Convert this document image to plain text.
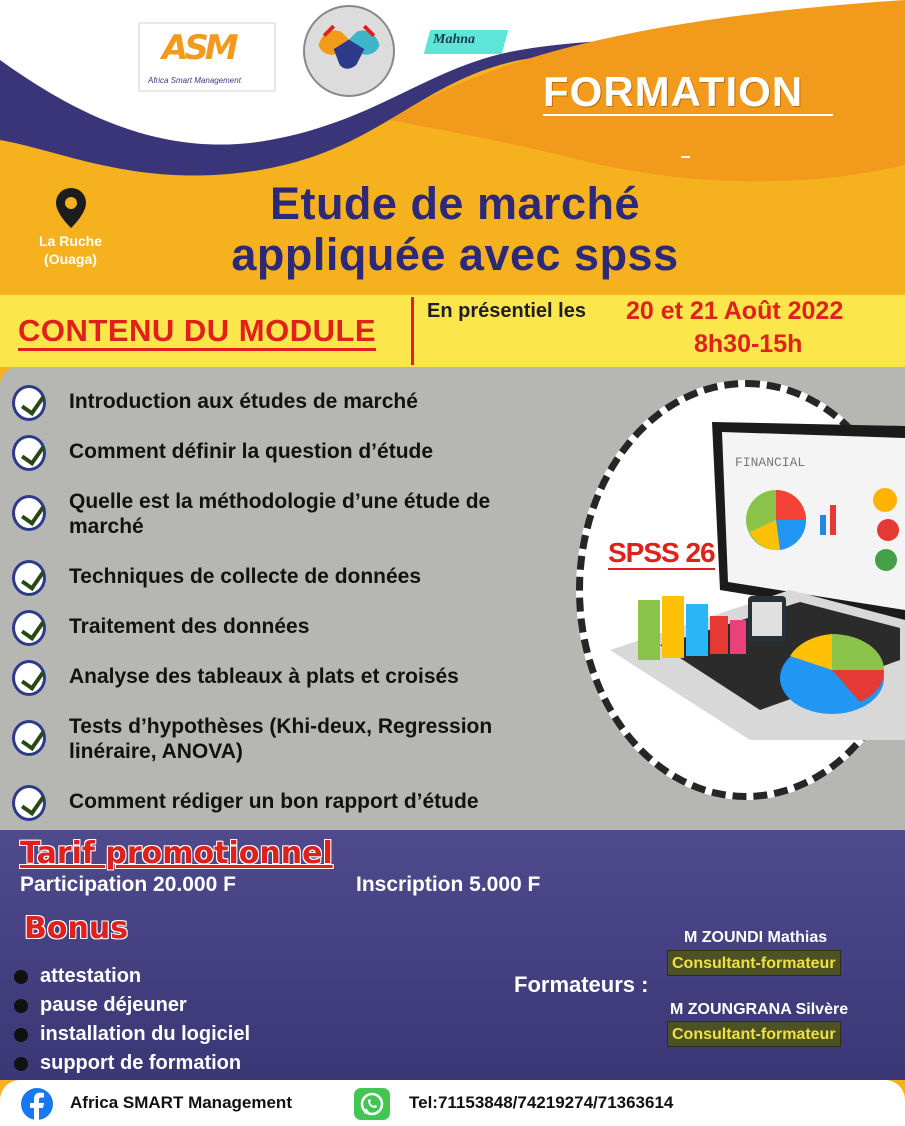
ASM
Africa Smart Management
Mahna
FORMATION
La Ruche
(Ouaga)
Etude de marché
appliquée avec spss
CONTENU DU MODULE
En présentiel les 20 et 21 Août 2022
8h30-15h
FINANCIAL
SPSS 26
Introduction aux études de marché
Comment définir la question d’étude
Quelle est la méthodologie d’une étude de marché
Techniques de collecte de données
Traitement des données
Analyse des tableaux à plats et croisés
Tests d’hypothèses (Khi-deux, Regression linéraire, ANOVA)
Comment rédiger un bon rapport d’étude
Tarif promotionnel
Participation 20.000 F	Inscription 5.000 F
Bonus
attestation
pause déjeuner
installation du logiciel
support de formation
Formateurs :
M ZOUNDI Mathias
Consultant-formateur
M ZOUNGRANA Silvère
Consultant-formateur
Africa SMART Management	Tel:71153848/74219274/71363614
